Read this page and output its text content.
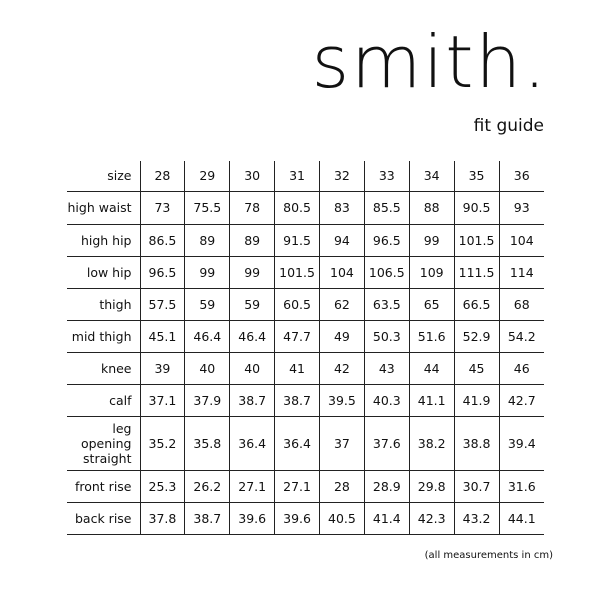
smith.
fit guide
size	28	29	30	31	32	33	34	35	36
high waist	73	75.5	78	80.5	83	85.5	88	90.5	93
high hip	86.5	89	89	91.5	94	96.5	99	101.5	104
low hip	96.5	99	99	101.5	104	106.5	109	111.5	114
thigh	57.5	59	59	60.5	62	63.5	65	66.5	68
mid thigh	45.1	46.4	46.4	47.7	49	50.3	51.6	52.9	54.2
knee	39	40	40	41	42	43	44	45	46
calf	37.1	37.9	38.7	38.7	39.5	40.3	41.1	41.9	42.7
leg opening
straight	35.2	35.8	36.4	36.4	37	37.6	38.2	38.8	39.4
front rise	25.3	26.2	27.1	27.1	28	28.9	29.8	30.7	31.6
back rise	37.8	38.7	39.6	39.6	40.5	41.4	42.3	43.2	44.1
(all measurements in cm)
